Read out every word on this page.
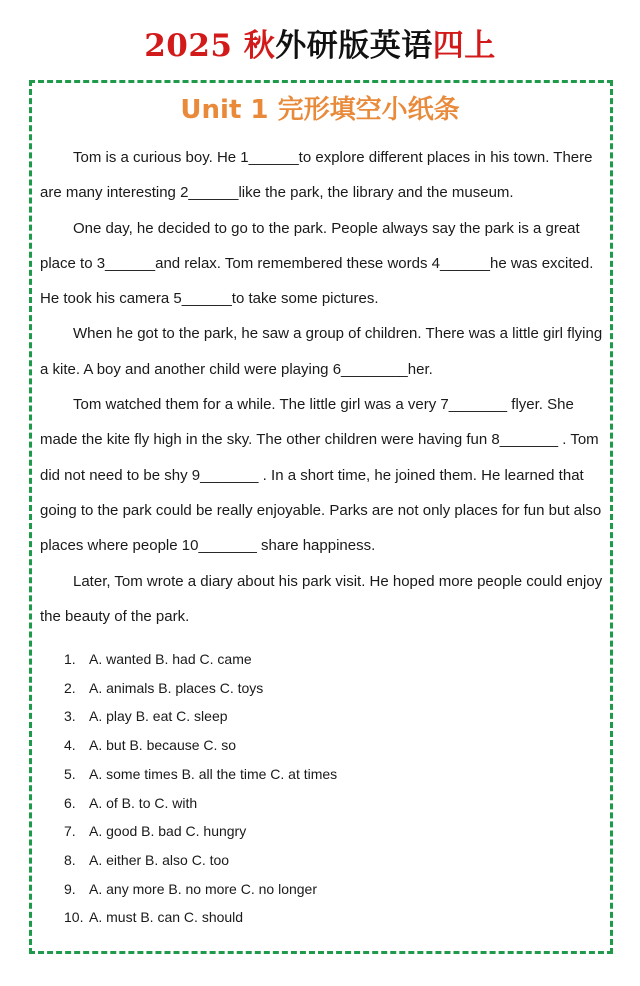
2025 秋外研版英语四上
Unit 1 完形填空小纸条

Tom is a curious boy. He 1______to explore different places in his town. There are many interesting 2______like the park, the library and the museum.

One day, he decided to go to the park. People always say the park is a great place to 3______and relax. Tom remembered these words 4______he was excited. He took his camera 5______to take some pictures.

When he got to the park, he saw a group of children. There was a little girl flying a kite. A boy and another child were playing 6________her.

Tom watched them for a while. The little girl was a very 7_______ flyer. She made the kite fly high in the sky. The other children were having fun 8_______ . Tom did not need to be shy 9_______ . In a short time, he joined them. He learned that going to the park could be really enjoyable. Parks are not only places for fun but also places where people 10_______ share happiness.

Later, Tom wrote a diary about his park visit. He hoped more people could enjoy the beauty of the park.

1. A. wanted B. had C. came
2. A. animals B. places C. toys
3. A. play B. eat C. sleep
4. A. but B. because C. so
5. A. some times B. all the time C. at times
6. A. of B. to C. with
7. A. good B. bad C. hungry
8. A. either B. also C. too
9. A. any more B. no more C. no longer
10. A. must B. can C. should
